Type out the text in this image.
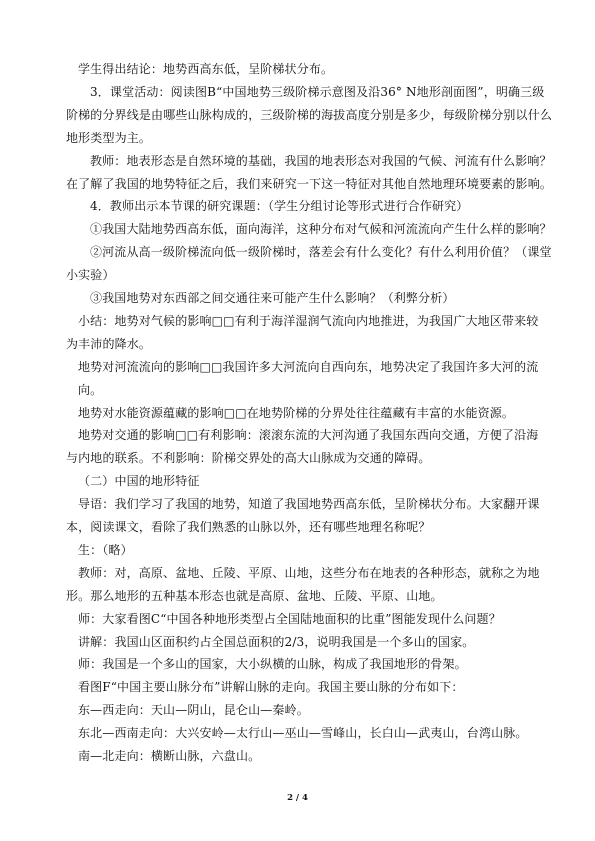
学生得出结论：地势西高东低，呈阶梯状分布。
3．课堂活动：阅读图B“中国地势三级阶梯示意图及沿36° N地形剖面图”，明确三级
阶梯的分界线是由哪些山脉构成的，三级阶梯的海拔高度分别是多少，每级阶梯分别以什么
地形类型为主。
教师：地表形态是自然环境的基础，我国的地表形态对我国的气候、河流有什么影响？
在了解了我国的地势特征之后，我们来研究一下这一特征对其他自然地理环境要素的影响。
4．教师出示本节课的研究课题：（学生分组讨论等形式进行合作研究）
①我国大陆地势西高东低，面向海洋，这种分布对气候和河流流向产生什么样的影响？
②河流从高一级阶梯流向低一级阶梯时，落差会有什么变化？有什么利用价值？（课堂
小实验）
③我国地势对东西部之间交通往来可能产生什么影响？（利弊分析）
小结：地势对气候的影响□□有利于海洋湿润气流向内地推进，为我国广大地区带来较
为丰沛的降水。
地势对河流流向的影响□□我国许多大河流向自西向东，地势决定了我国许多大河的流
向。
地势对水能资源蕴藏的影响□□在地势阶梯的分界处往往蕴藏有丰富的水能资源。
地势对交通的影响□□有利影响：滚滚东流的大河沟通了我国东西向交通，方便了沿海
与内地的联系。不利影响：阶梯交界处的高大山脉成为交通的障碍。
（二）中国的地形特征
导语：我们学习了我国的地势，知道了我国地势西高东低，呈阶梯状分布。大家翻开课
本，阅读课文，看除了我们熟悉的山脉以外，还有哪些地理名称呢？
生：（略）
教师：对，高原、盆地、丘陵、平原、山地，这些分布在地表的各种形态，就称之为地
形。那么地形的五种基本形态也就是高原、盆地、丘陵、平原、山地。
师：大家看图C“中国各种地形类型占全国陆地面积的比重”图能发现什么问题？
讲解：我国山区面积约占全国总面积的2/3，说明我国是一个多山的国家。
师：我国是一个多山的国家，大小纵横的山脉，构成了我国地形的骨架。
看图F“中国主要山脉分布”讲解山脉的走向。我国主要山脉的分布如下：
东—西走向：天山—阴山，昆仑山—秦岭。
东北—西南走向：大兴安岭—太行山—巫山—雪峰山，长白山—武夷山，台湾山脉。
南—北走向：横断山脉，六盘山。
2 / 4
